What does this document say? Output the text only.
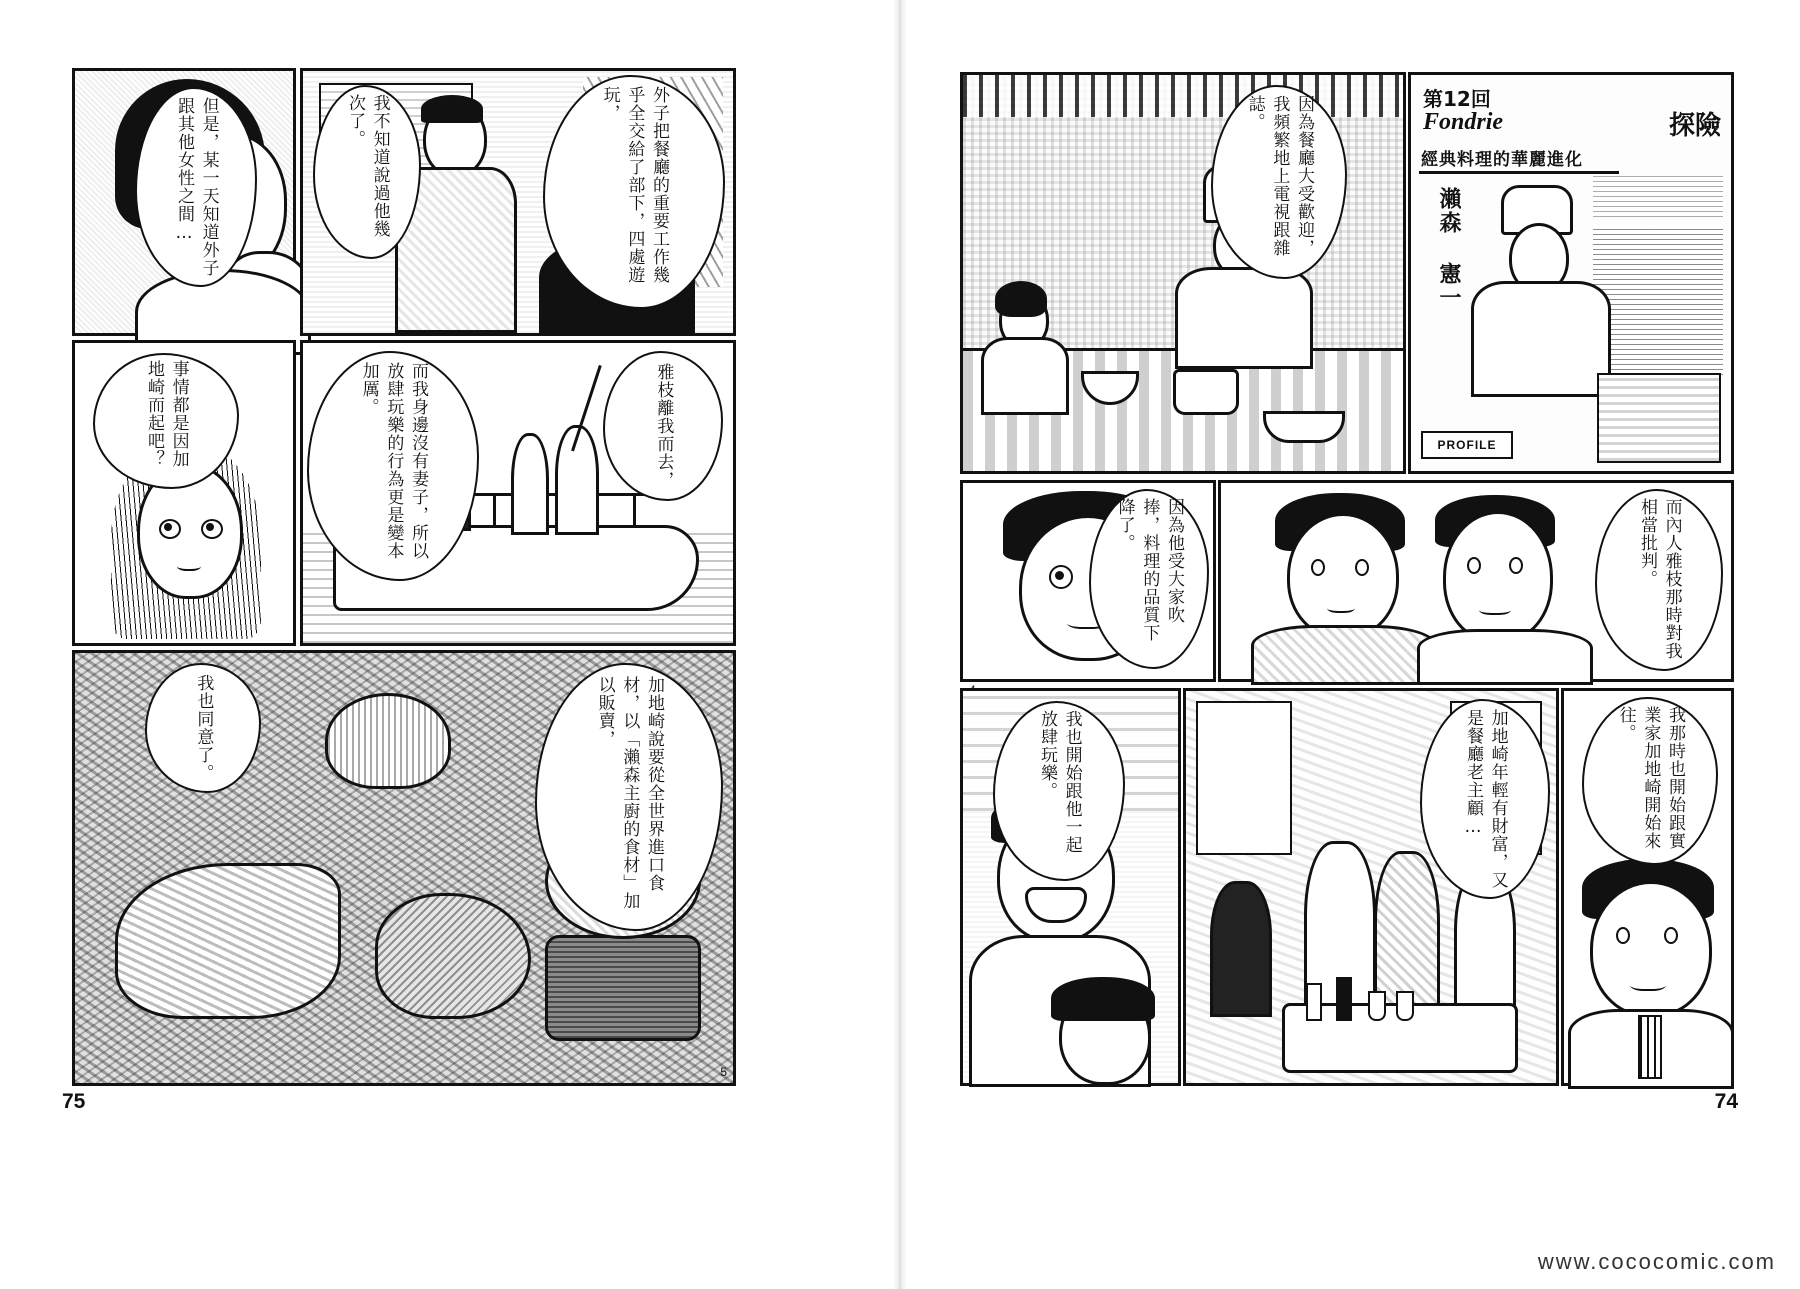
但是，某一天知道外子跟其他女性之間…	我不知道說過他幾次了。	外子把餐廳的重要工作幾乎全交給了部下，四處遊玩，
事情都是因加地崎而起吧？	而我身邊沒有妻子，所以放肆玩樂的行為更是變本加厲。	雅枝離我而去，
我也同意了。	加地崎說要從全世界進口食材，以「瀨森主廚的食材」加以販賣，
5
75
因為餐廳大受歡迎，我頻繁地上電視跟雜誌。	第12回
Fondrie
經典料理的華麗進化
探險
瀨森 憲一
PROFILE
因為他受大家吹捧，料理的品質下降了。	而內人雅枝那時對我相當批判。
我也開始跟他一起放肆玩樂。	加地崎年輕有財富，又是餐廳老主顧…	我那時也開始跟實業家加地崎開始來往。
74
www.cococomic.com
